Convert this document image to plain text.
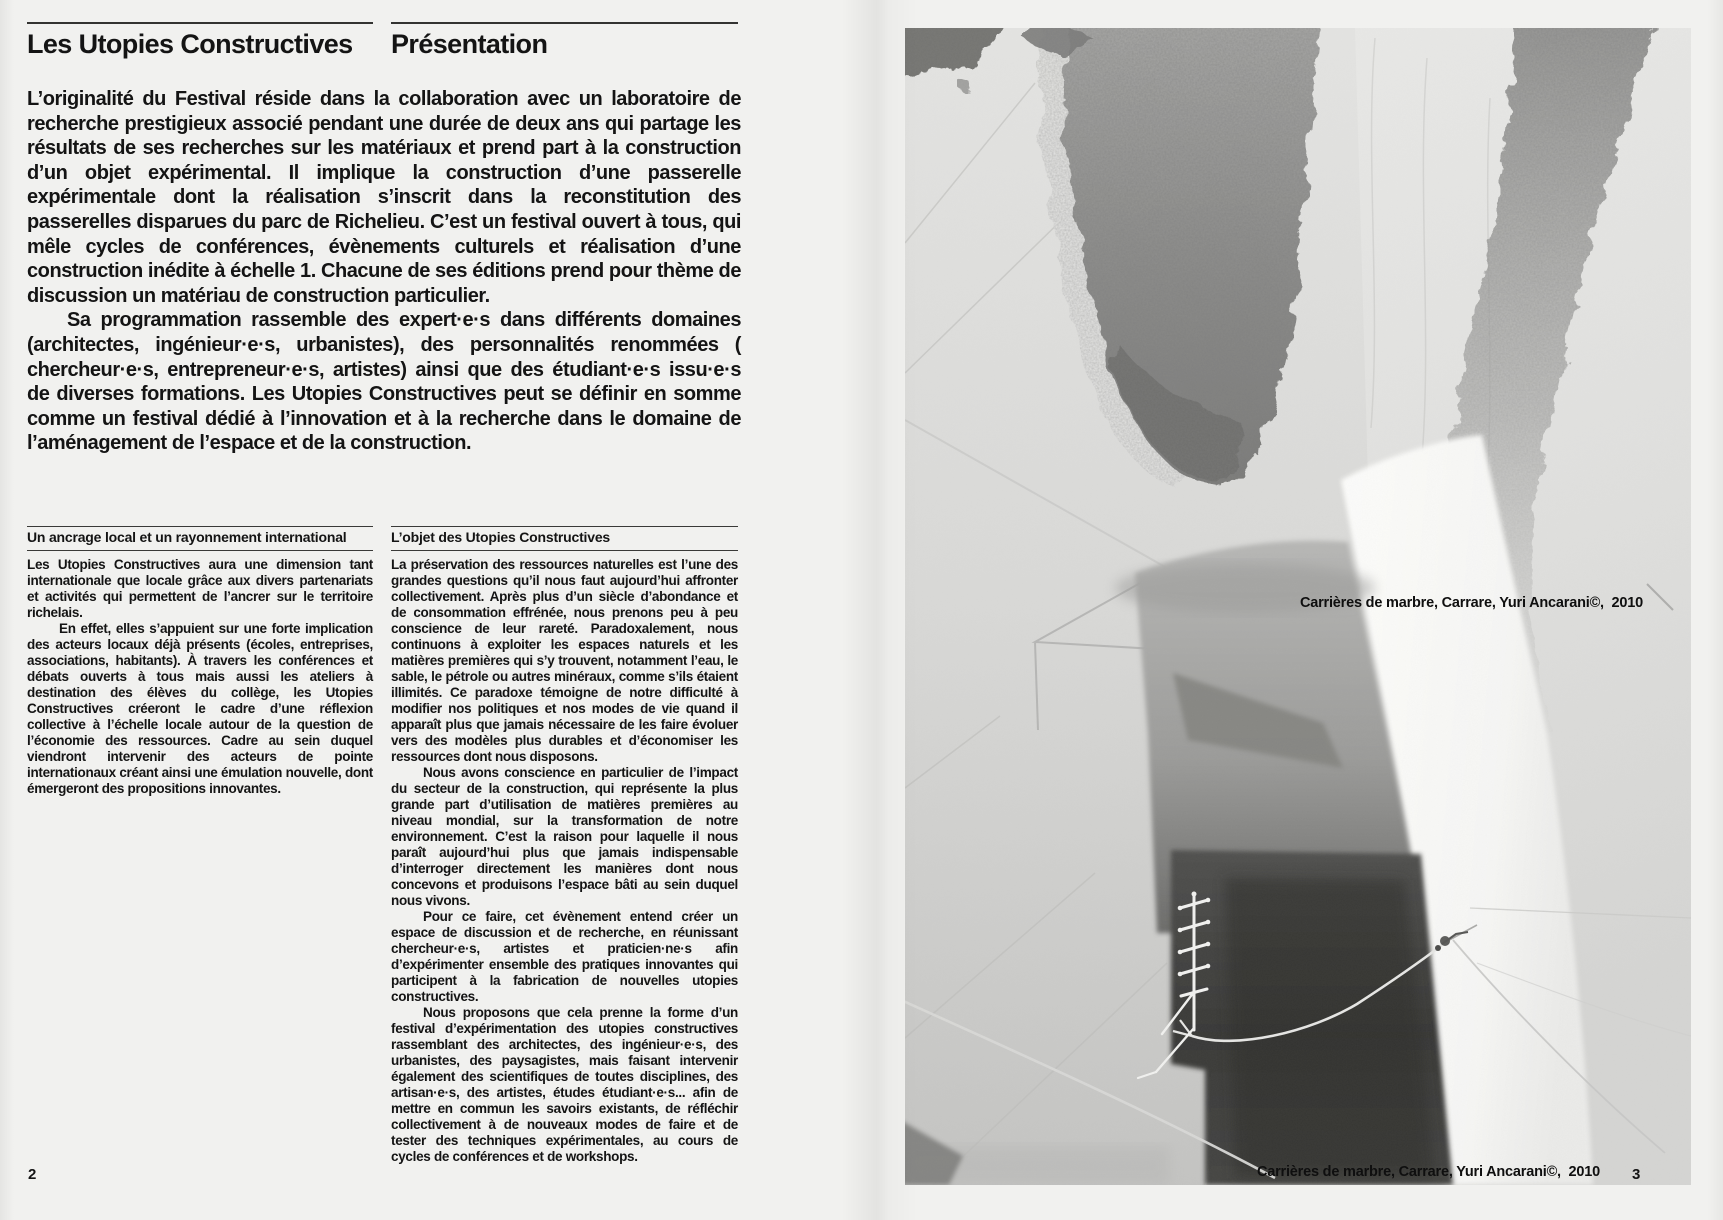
Les Utopies Constructives	Présentation

L’originalité du Festival réside dans la collaboration avec un laboratoire de recherche prestigieux associé pendant une durée de deux ans qui partage les résultats de ses recherches sur les matériaux et prend part à la construction d’un objet expérimental. Il implique la construction d’une passerelle expérimentale dont la réalisation s’inscrit dans la reconstitution des passerelles disparues du parc de Richelieu. C’est un festival ouvert à tous, qui mêle cycles de conférences, évènements culturels et réalisation d’une construction inédite à échelle 1. Chacune de ses éditions prend pour thème de discussion un matériau de construction particulier.

Sa programmation rassemble des expert·e·s dans différents domaines (architectes, ingénieur·e·s, urbanistes), des personnalités renommées ( chercheur·e·s, entrepreneur·e·s, artistes) ainsi que des étudiant·e·s issu·e·s de diverses formations. Les Utopies Constructives peut se définir en somme comme un festival dédié à l’innovation et à la recherche dans le domaine de l’aménagement de l’espace et de la construction.

Un ancrage local et un rayonnement international

Les Utopies Constructives aura une dimension tant internationale que locale grâce aux divers partenariats et activités qui permettent de l’ancrer sur le territoire richelais.

En effet, elles s’appuient sur une forte implication des acteurs locaux déjà présents (écoles, entreprises, associations, habitants). À travers les conférences et débats ouverts à tous mais aussi les ateliers à destination des élèves du collège, les Utopies Constructives créeront le cadre d’une réflexion collective à l’échelle locale autour de la question de l’économie des ressources. Cadre au sein duquel viendront intervenir des acteurs de pointe internationaux créant ainsi une émulation nouvelle, dont émergeront des propositions innovantes.

L’objet des Utopies Constructives

La préservation des ressources naturelles est l’une des grandes questions qu’il nous faut aujourd’hui affronter collectivement. Après plus d’un siècle d’abondance et de consommation effrénée, nous prenons peu à peu conscience de leur rareté. Paradoxalement, nous continuons à exploiter les espaces naturels et les matières premières qui s’y trouvent, notamment l’eau, le sable, le pétrole ou autres minéraux, comme s’ils étaient illimités. Ce paradoxe témoigne de notre difficulté à modifier nos politiques et nos modes de vie quand il apparaît plus que jamais nécessaire de les faire évoluer vers des modèles plus durables et d’économiser les ressources dont nous disposons.

Nous avons conscience en particulier de l’impact du secteur de la construction, qui représente la plus grande part d’utilisation de matières premières au niveau mondial, sur la transformation de notre environnement. C’est la raison pour laquelle il nous paraît aujourd’hui plus que jamais indispensable d’interroger directement les manières dont nous concevons et produisons l’espace bâti au sein duquel nous vivons.

Pour ce faire, cet évènement entend créer un espace de discussion et de recherche, en réunissant chercheur·e·s, artistes et praticien·ne·s afin d’expérimenter ensemble des pratiques innovantes qui participent à la fabrication de nouvelles utopies constructives.

Nous proposons que cela prenne la forme d’un festival d’expérimentation des utopies constructives rassemblant des architectes, des ingénieur·e·s, des urbanistes, des paysagistes, mais faisant intervenir également des scientifiques de toutes disciplines, des artisan·e·s, des artistes, études étudiant·e·s... afin de mettre en commun les savoirs existants, de réfléchir collectivement à de nouveaux modes de faire et de tester des techniques expérimentales, au cours de cycles de conférences et de workshops.

2
Carrières de marbre, Carrare, Yuri Ancarani©,  2010
Carrières de marbre, Carrare, Yuri Ancarani©,  2010 3
